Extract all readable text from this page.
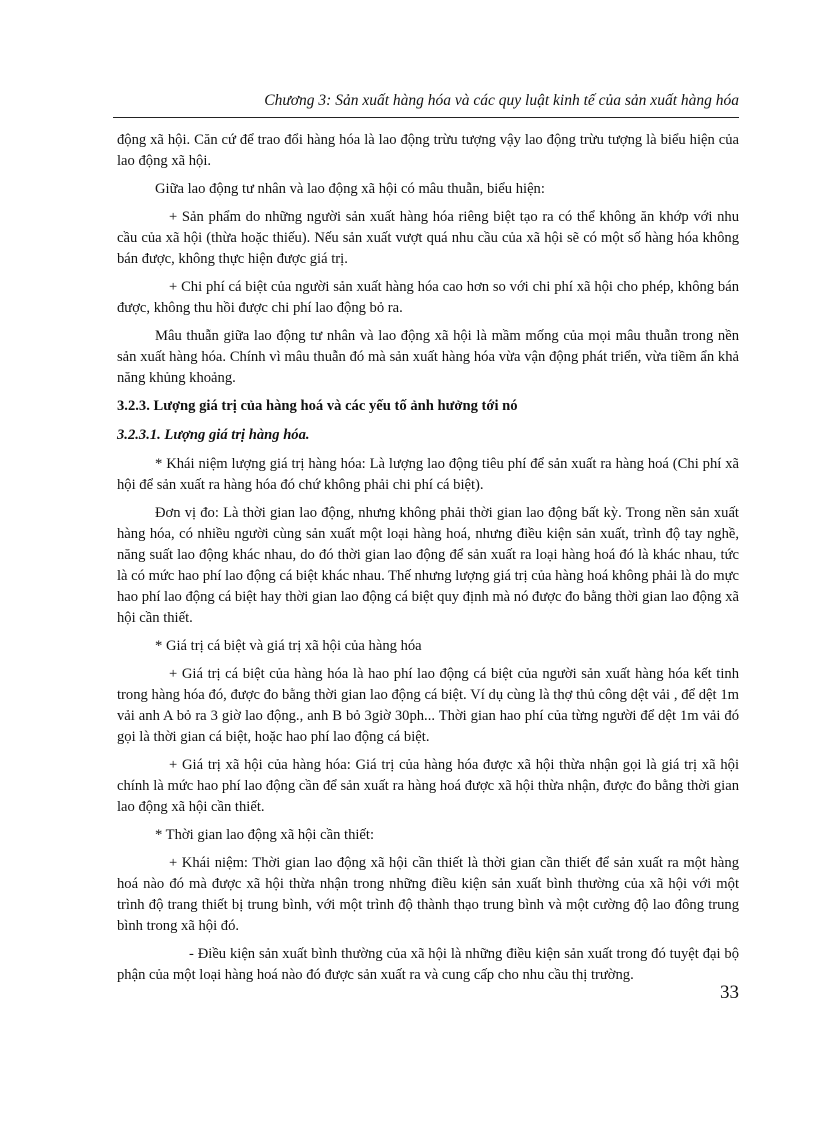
Chương 3: Sản xuất hàng hóa và các quy luật kinh tế của sản xuất hàng hóa

động xã hội. Căn cứ để trao đổi hàng hóa là lao động trừu tượng vậy lao động trừu tượng là biểu hiện của lao động xã hội.

Giữa lao động tư nhân và lao động xã hội có mâu thuẫn, biểu hiện:

+ Sản phẩm do những người sản xuất hàng hóa riêng biệt tạo ra có thể không ăn khớp với nhu cầu của xã hội (thừa hoặc thiếu). Nếu sản xuất vượt quá nhu cầu của xã hội sẽ có một số hàng hóa không bán được, không thực hiện được giá trị.

+ Chi phí cá biệt của người sản xuất hàng hóa cao hơn so với chi phí xã hội cho phép, không bán được, không thu hồi được chi phí lao động bỏ ra.

Mâu thuẫn giữa lao động tư nhân và lao động xã hội là mầm mống của mọi mâu thuẫn trong nền sản xuất hàng hóa. Chính vì mâu thuẫn đó mà sản xuất hàng hóa vừa vận động phát triển, vừa tiềm ẩn khả năng khủng khoảng.

3.2.3. Lượng giá trị của hàng hoá và các yếu tố ảnh hưởng tới nó
3.2.3.1. Lượng giá trị hàng hóa.

* Khái niệm lượng giá trị hàng hóa: Là lượng lao động tiêu phí để sản xuất ra hàng hoá (Chi phí xã hội để sản xuất ra hàng hóa đó chứ không phải chi phí cá biệt).

Đơn vị đo: Là thời gian lao động, nhưng không phải thời gian lao động bất kỳ. Trong nền sản xuất hàng hóa, có nhiều người cùng sản xuất một loại hàng hoá, nhưng điều kiện sản xuất, trình độ tay nghề, năng suất lao động khác nhau, do đó thời gian lao động để sản xuất ra loại hàng hoá đó là khác nhau, tức là có mức hao phí lao động cá biệt khác nhau. Thế nhưng lượng giá trị của hàng hoá không phải là do mực hao phí lao động cá biệt hay thời gian lao động cá biệt quy định mà nó được đo bằng thời gian lao động xã hội cần thiết.

* Giá trị cá biệt và giá trị xã hội của hàng hóa

+ Giá trị cá biệt của hàng hóa là hao phí lao động cá biệt của người sản xuất hàng hóa kết tinh trong hàng hóa đó, được đo bằng thời gian lao động cá biệt. Ví dụ cùng là thợ thủ công dệt vải , để dệt 1m vải anh A bỏ ra 3 giờ lao động., anh B bỏ 3giờ 30ph... Thời gian hao phí của từng người để dệt 1m vải đó gọi là thời gian cá biệt, hoặc hao phí lao động cá biệt.

+ Giá trị xã hội của hàng hóa: Giá trị của hàng hóa được xã hội thừa nhận gọi là giá trị xã hội chính là mức hao phí lao động cần để sản xuất ra hàng hoá được xã hội thừa nhận, được đo bằng thời gian lao động xã hội cần thiết.

* Thời gian lao động xã hội cần thiết:

+ Khái niệm: Thời gian lao động xã hội cần thiết là thời gian cần thiết để sản xuất ra một hàng hoá nào đó mà được xã hội thừa nhận trong những điều kiện sản xuất bình thường của xã hội với một trình độ trang thiết bị trung bình, với một trình độ thành thạo trung bình và một cường độ lao đông trung bình trong xã hội đó.

- Điều kiện sản xuất bình thường của xã hội là những điều kiện sản xuất trong đó tuyệt đại bộ phận của một loại hàng hoá nào đó được sản xuất ra và cung cấp cho nhu cầu thị trường.

33
